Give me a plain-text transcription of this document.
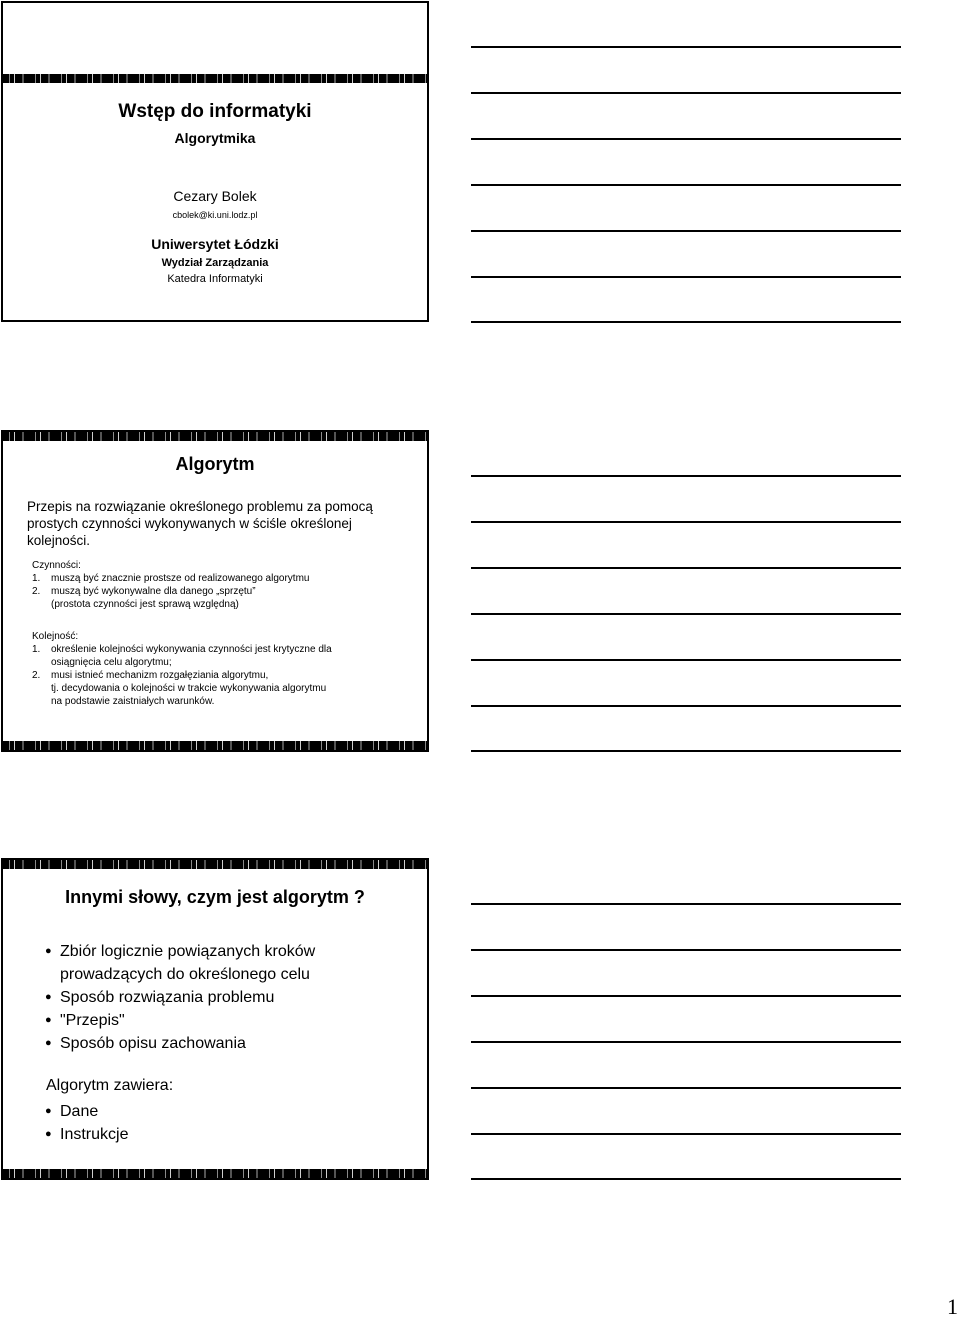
Wstęp do informatyki
Algorytmika
Cezary Bolek
cbolek@ki.uni.lodz.pl
Uniwersytet Łódzki
Wydział Zarządzania
Katedra Informatyki
Algorytm
Przepis na rozwiązanie określonego problemu za pomocą prostych czynności wykonywanych w ściśle określonej kolejności.
Czynności:
1.	muszą być znacznie prostsze od realizowanego algorytmu
2.	muszą być wykonywalne dla danego „sprzętu”
(prostota czynności jest sprawą względną)
Kolejność:
1.	określenie kolejności wykonywania czynności jest krytyczne dla osiągnięcia celu algorytmu;
2.	musi istnieć mechanizm rozgałęziania algorytmu,
tj. decydowania o kolejności w trakcie wykonywania algorytmu
na podstawie zaistniałych warunków.
Innymi słowy, czym jest algorytm ?
● Zbiór logicznie powiązanych kroków prowadzących do określonego celu
● Sposób rozwiązania problemu
● "Przepis"
● Sposób opisu zachowania
Algorytm zawiera:
● Dane
● Instrukcje
1
